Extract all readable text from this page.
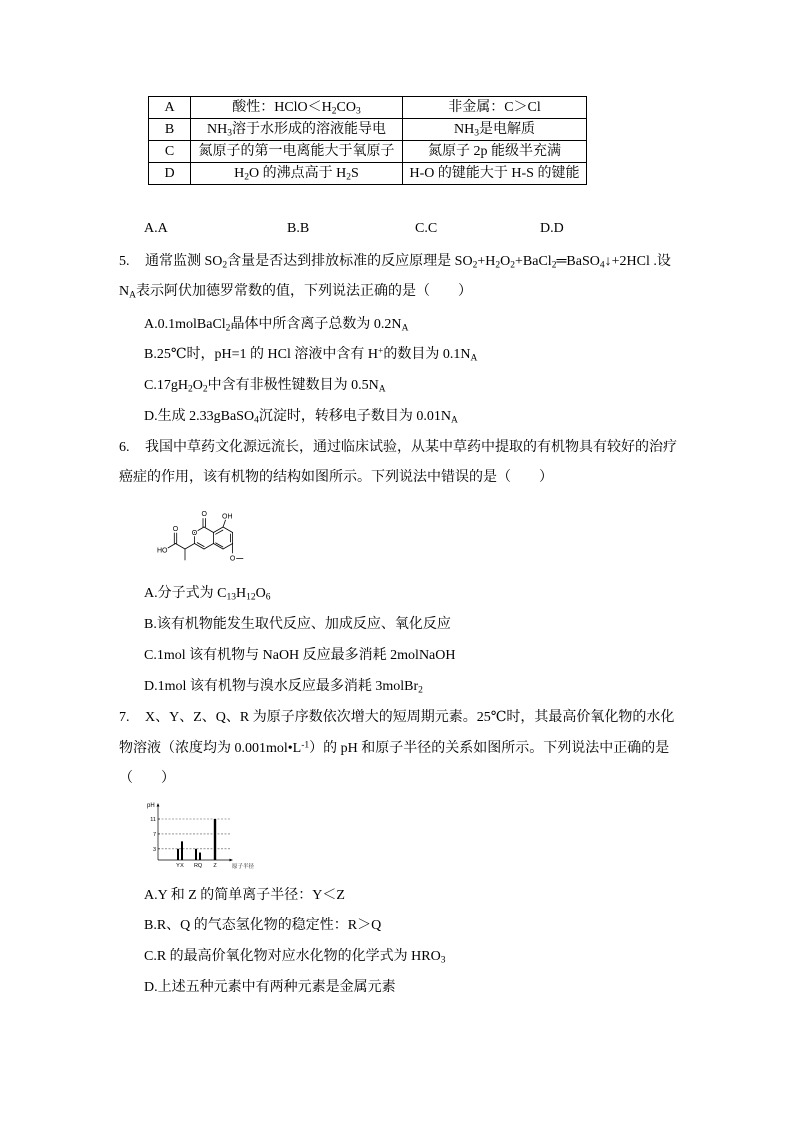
A	酸性：$HClO<H_2CO_3$	非金属：C＞Cl
B	$NH_3$溶于水形成的溶液能导电	$NH_3$是电解质
C	氮原子的第一电离能大于氧原子	氮原子 2p 能级半充满
D	$H_2O$ 的沸点高于 $H_2S$	H-O 的键能大于 H-S 的键能
A.A	B.B	C.C	D.D
5. 通常监测 $SO_2$含量是否达到排放标准的反应原理是 $SO_2+H_2O_2+BaCl_2═BaSO_4↓+2HCl$ .设
$N_A$表示阿伏加德罗常数的值，下列说法正确的是（　　）
A.0.1molBaCl$_2$晶体中所含离子总数为 $0.2N_A$
B.25℃时，pH=1 的 HCl 溶液中含有 H+的数目为 $0.1N_A$
$C.17gH_2O_2$中含有非极性键数目为 $0.5N_A$
D.生成 2.33gBaSO$_4$沉淀时，转移电子数目为 $0.01N_A$
6. 我国中草药文化源远流长，通过临床试验，从某中草药中提取的有机物具有较好的治疗
癌症的作用，该有机物的结构如图所示。下列说法中错误的是（　　）
O OH
O
O
HO
O
A.分子式为 $C_{13}H_{12}O_6$
B.该有机物能发生取代反应、加成反应、氧化反应
C.1mol 该有机物与 NaOH 反应最多消耗 2molNaOH
D.1mol 该有机物与溴水反应最多消耗 3molBr$_2$
7. X、Y、Z、Q、R 为原子序数依次增大的短周期元素。25℃时，其最高价氧化物的水化
物溶液（浓度均为 $0.001mol•L^{-1}$）的 pH 和原子半径的关系如图所示。下列说法中正确的是
（　　）
pH
原子半径
11
7
3
Y X R Q Z
A.Y 和 Z 的简单离子半径：Y＜Z
B.R、Q 的气态氢化物的稳定性：R＞Q
C.R 的最高价氧化物对应水化物的化学式为 $HRO_3$
D.上述五种元素中有两种元素是金属元素
